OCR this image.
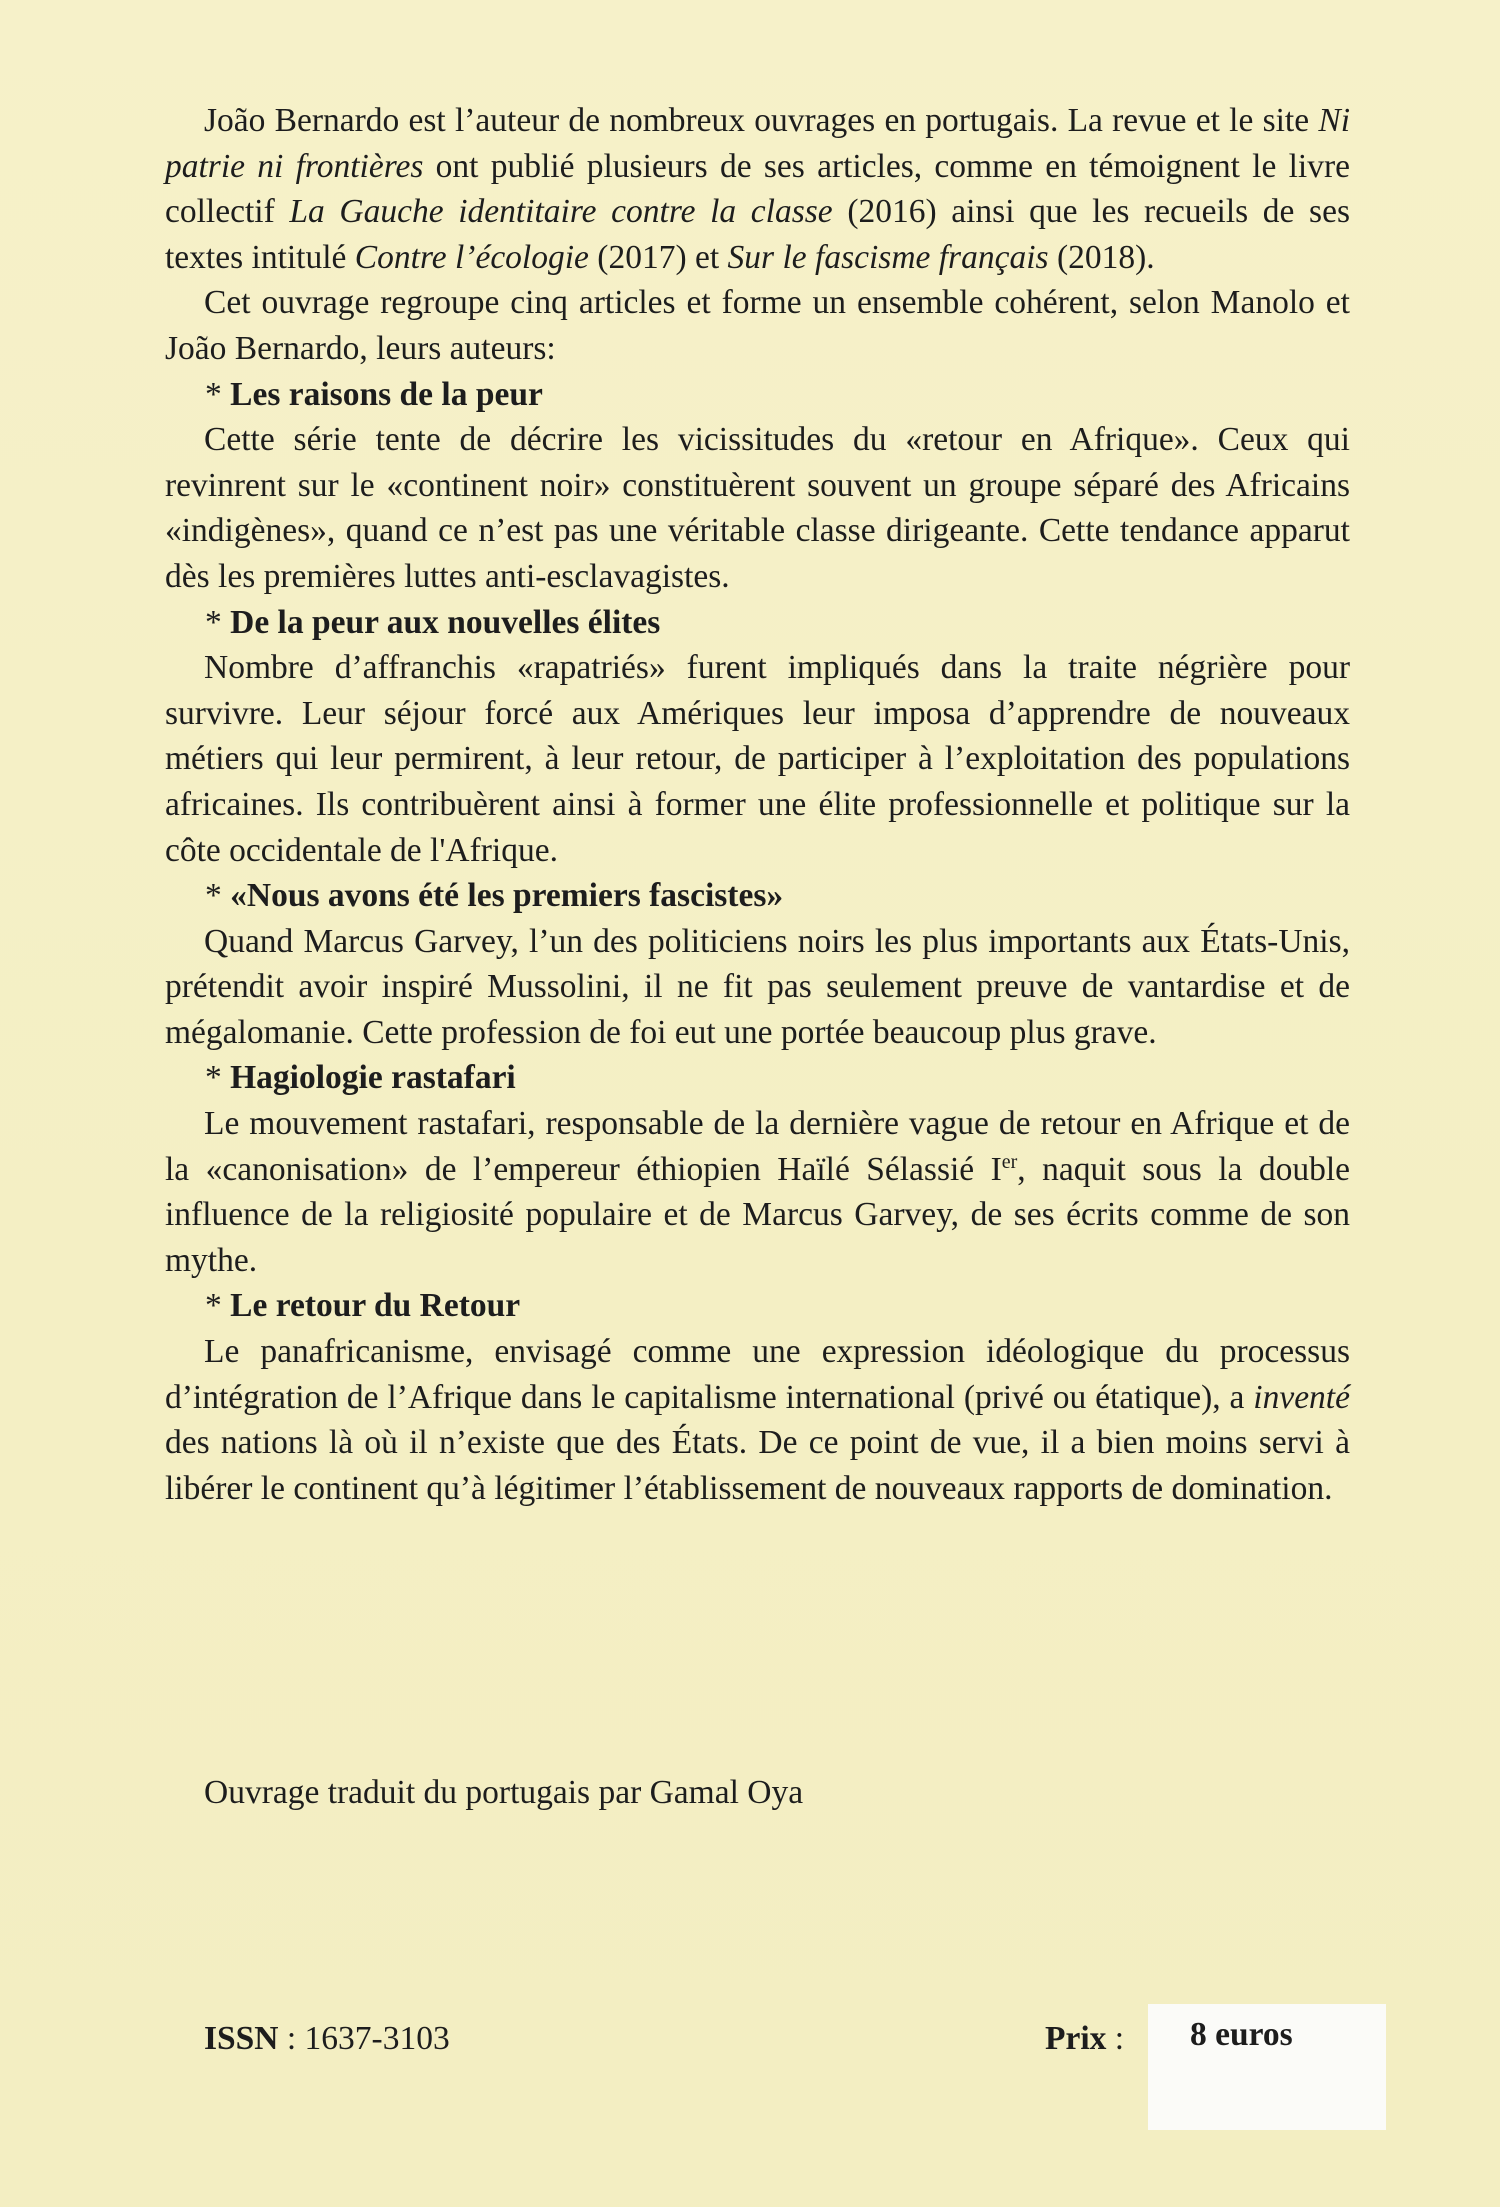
João Bernardo est l’auteur de nombreux ouvrages en portugais. La revue et le site Ni patrie ni frontières ont publié plusieurs de ses articles, comme en témoignent le livre collectif La Gauche identitaire contre la classe (2016) ainsi que les recueils de ses textes intitulé Contre l’écologie (2017) et Sur le fascisme français (2018).

Cet ouvrage regroupe cinq articles et forme un ensemble cohérent, selon Manolo et João Bernardo, leurs auteurs:

* Les raisons de la peur

Cette série tente de décrire les vicissitudes du «retour en Afrique». Ceux qui revinrent sur le «continent noir» constituèrent souvent un groupe séparé des Africains «indigènes», quand ce n’est pas une véritable classe dirigeante. Cette tendance apparut dès les premières luttes anti-esclavagistes.

* De la peur aux nouvelles élites

Nombre d’affranchis «rapatriés» furent impliqués dans la traite négrière pour survivre. Leur séjour forcé aux Amériques leur imposa d’apprendre de nouveaux métiers qui leur permirent, à leur retour, de participer à l’exploitation des populations africaines. Ils contribuèrent ainsi à former une élite professionnelle et politique sur la côte occidentale de l'Afrique.

* «Nous avons été les premiers fascistes»

Quand Marcus Garvey, l’un des politiciens noirs les plus importants aux États-Unis, prétendit avoir inspiré Mussolini, il ne fit pas seulement preuve de vantardise et de mégalomanie. Cette profession de foi eut une portée beaucoup plus grave.

* Hagiologie rastafari

Le mouvement rastafari, responsable de la dernière vague de retour en Afrique et de la «canonisation» de l’empereur éthiopien Haïlé Sélassié Ier, naquit sous la double influence de la religiosité populaire et de Marcus Garvey, de ses écrits comme de son mythe.

* Le retour du Retour

Le panafricanisme, envisagé comme une expression idéologique du processus d’intégration de l’Afrique dans le capitalisme international (privé ou étatique), a inventé des nations là où il n’existe que des États. De ce point de vue, il a bien moins servi à libérer le continent qu’à légitimer l’établissement de nouveaux rapports de domination.

Ouvrage traduit du portugais par Gamal Oya
ISSN : 1637-3103	Prix : 8 euros
